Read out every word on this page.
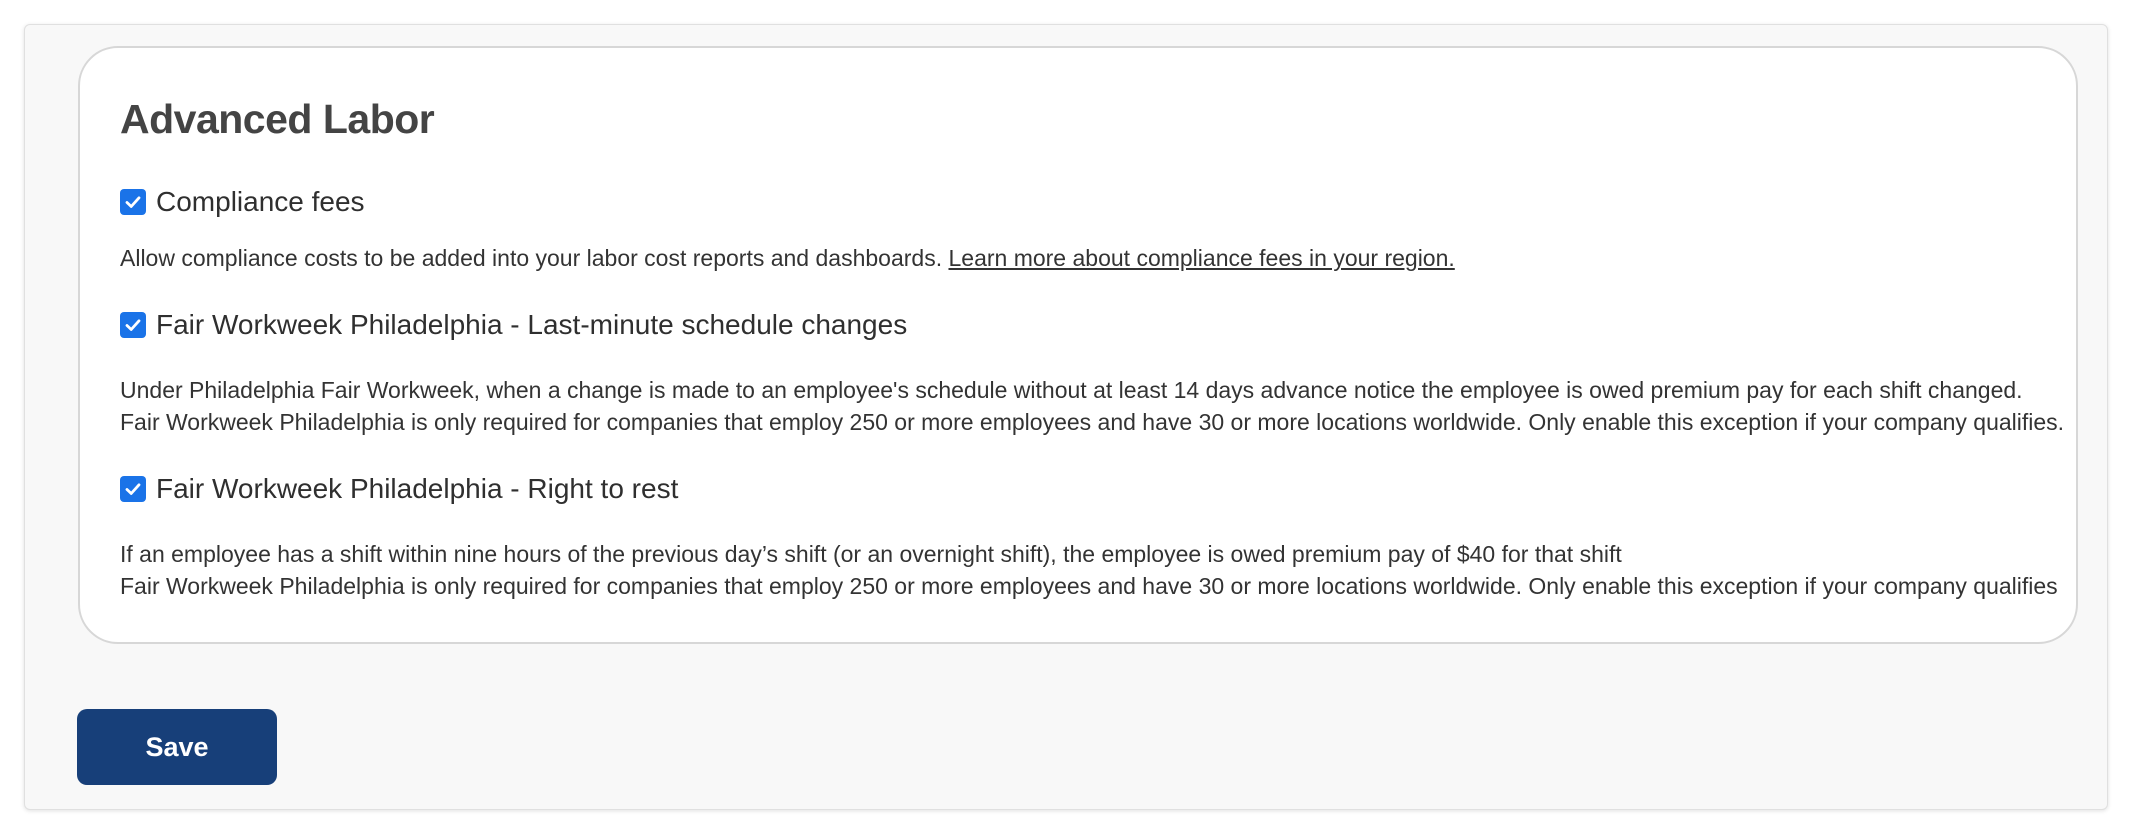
Advanced Labor
Compliance fees
Allow compliance costs to be added into your labor cost reports and dashboards. Learn more about compliance fees in your region.
Fair Workweek Philadelphia - Last-minute schedule changes
Under Philadelphia Fair Workweek, when a change is made to an employee's schedule without at least 14 days advance notice the employee is owed premium pay for each shift changed.
Fair Workweek Philadelphia is only required for companies that employ 250 or more employees and have 30 or more locations worldwide. Only enable this exception if your company qualifies.
Fair Workweek Philadelphia - Right to rest
If an employee has a shift within nine hours of the previous day’s shift (or an overnight shift), the employee is owed premium pay of $40 for that shift
Fair Workweek Philadelphia is only required for companies that employ 250 or more employees and have 30 or more locations worldwide. Only enable this exception if your company qualifies
Save
